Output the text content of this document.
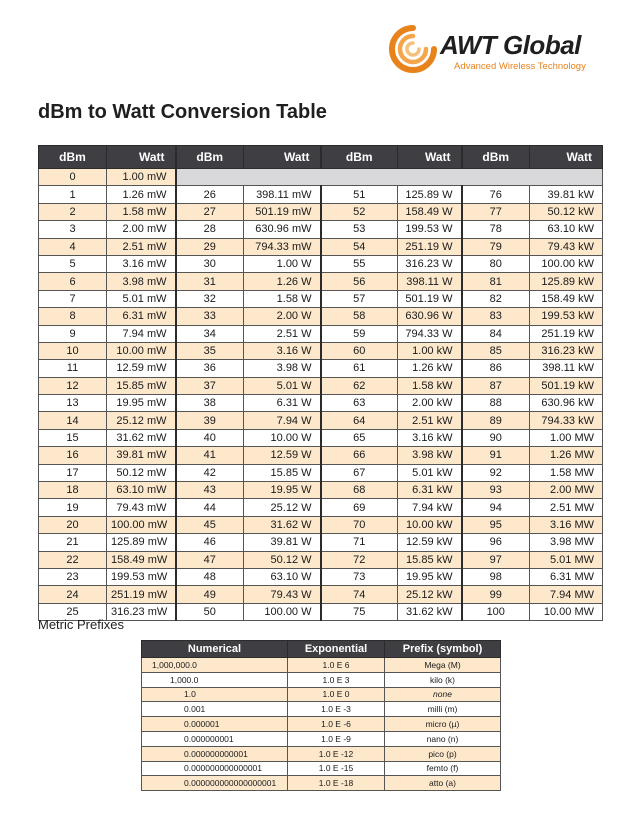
AWT Global
Advanced Wireless Technology
dBm to Watt Conversion Table
dBm	Watt	dBm	Watt	dBm	Watt	dBm	Watt
0	1.00 mW						
1	1.26 mW	26	398.11 mW	51	125.89 W	76	39.81 kW
2	1.58 mW	27	501.19 mW	52	158.49 W	77	50.12 kW
3	2.00 mW	28	630.96 mW	53	199.53 W	78	63.10 kW
4	2.51 mW	29	794.33 mW	54	251.19 W	79	79.43 kW
5	3.16 mW	30	1.00 W	55	316.23 W	80	100.00 kW
6	3.98 mW	31	1.26 W	56	398.11 W	81	125.89 kW
7	5.01 mW	32	1.58 W	57	501.19 W	82	158.49 kW
8	6.31 mW	33	2.00 W	58	630.96 W	83	199.53 kW
9	7.94 mW	34	2.51 W	59	794.33 W	84	251.19 kW
10	10.00 mW	35	3.16 W	60	1.00 kW	85	316.23 kW
11	12.59 mW	36	3.98 W	61	1.26 kW	86	398.11 kW
12	15.85 mW	37	5.01 W	62	1.58 kW	87	501.19 kW
13	19.95 mW	38	6.31 W	63	2.00 kW	88	630.96 kW
14	25.12 mW	39	7.94 W	64	2.51 kW	89	794.33 kW
15	31.62 mW	40	10.00 W	65	3.16 kW	90	1.00 MW
16	39.81 mW	41	12.59 W	66	3.98 kW	91	1.26 MW
17	50.12 mW	42	15.85 W	67	5.01 kW	92	1.58 MW
18	63.10 mW	43	19.95 W	68	6.31 kW	93	2.00 MW
19	79.43 mW	44	25.12 W	69	7.94 kW	94	2.51 MW
20	100.00 mW	45	31.62 W	70	10.00 kW	95	3.16 MW
21	125.89 mW	46	39.81 W	71	12.59 kW	96	3.98 MW
22	158.49 mW	47	50.12 W	72	15.85 kW	97	5.01 MW
23	199.53 mW	48	63.10 W	73	19.95 kW	98	6.31 MW
24	251.19 mW	49	79.43 W	74	25.12 kW	99	7.94 MW
25	316.23 mW	50	100.00 W	75	31.62 kW	100	10.00 MW
Metric Prefixes
Numerical	Exponential	Prefix (symbol)
1,000,000.0	1.0 E 6	Mega (M)
1,000.0	1.0 E 3	kilo (k)
1.0	1.0 E 0	none
0.001	1.0 E -3	milli (m)
0.000001	1.0 E -6	micro (µ)
0.000000001	1.0 E -9	nano (n)
0.000000000001	1.0 E -12	pico (p)
0.000000000000001	1.0 E -15	femto (f)
0.000000000000000001	1.0 E -18	atto (a)
